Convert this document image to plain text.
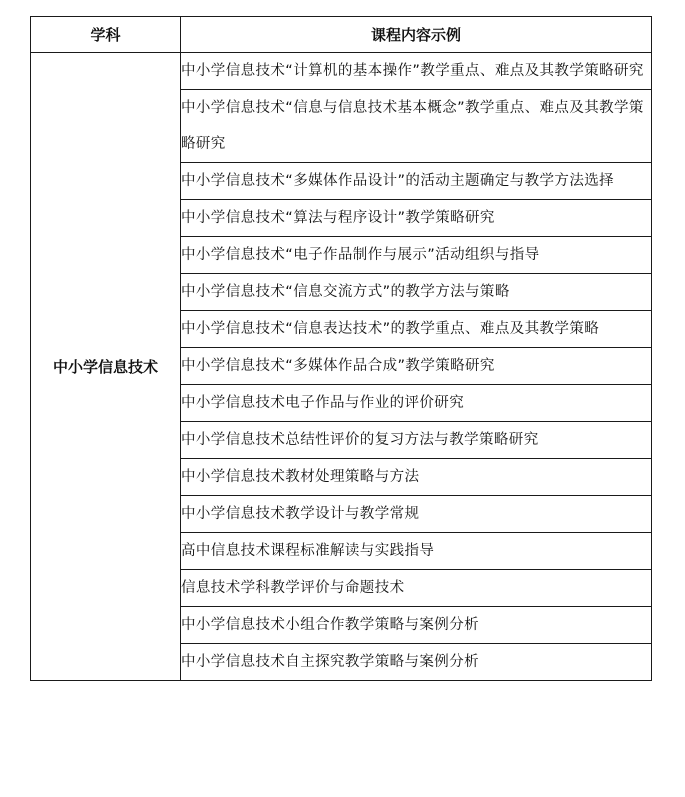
学科	课程内容示例
中小学信息技术	中小学信息技术“计算机的基本操作”教学重点、难点及其教学策略研究
	中小学信息技术“信息与信息技术基本概念”教学重点、难点及其教学策略研究
	中小学信息技术“多媒体作品设计”的活动主题确定与教学方法选择
	中小学信息技术“算法与程序设计”教学策略研究
	中小学信息技术“电子作品制作与展示”活动组织与指导
	中小学信息技术“信息交流方式”的教学方法与策略
	中小学信息技术“信息表达技术”的教学重点、难点及其教学策略
	中小学信息技术“多媒体作品合成”教学策略研究
	中小学信息技术电子作品与作业的评价研究
	中小学信息技术总结性评价的复习方法与教学策略研究
	中小学信息技术教材处理策略与方法
	中小学信息技术教学设计与教学常规
	高中信息技术课程标准解读与实践指导
	信息技术学科教学评价与命题技术
	中小学信息技术小组合作教学策略与案例分析
	中小学信息技术自主探究教学策略与案例分析
